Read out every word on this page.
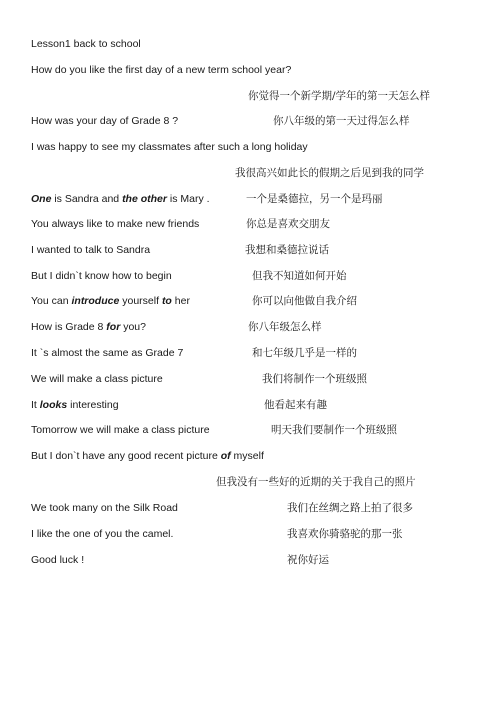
Lesson1 back to school
How do you like the first day of a new term school year?
你觉得一个新学期/学年的第一天怎么样
How was your day of Grade 8 ?	你八年级的第一天过得怎么样
I was happy to see my classmates after such a long holiday
我很高兴如此长的假期之后见到我的同学
One is Sandra and the other is Mary .	一个是桑德拉，另一个是玛丽
You always like to make new friends	你总是喜欢交朋友
I wanted to talk to Sandra	我想和桑德拉说话
But I didn`t know how to begin	但我不知道如何开始
You can introduce yourself to her	你可以向他做自我介绍
How is Grade 8 for you?	你八年级怎么样
It `s almost the same as Grade 7	和七年级几乎是一样的
We will make a class picture	我们将制作一个班级照
It looks interesting	他看起来有趣
Tomorrow we will make a class picture	明天我们要制作一个班级照
But I don`t have any good recent picture of myself
但我没有一些好的近期的关于我自己的照片
We took many on the Silk Road	我们在丝绸之路上拍了很多
I like the one of you the camel.	我喜欢你骑骆驼的那一张
Good luck !	祝你好运
